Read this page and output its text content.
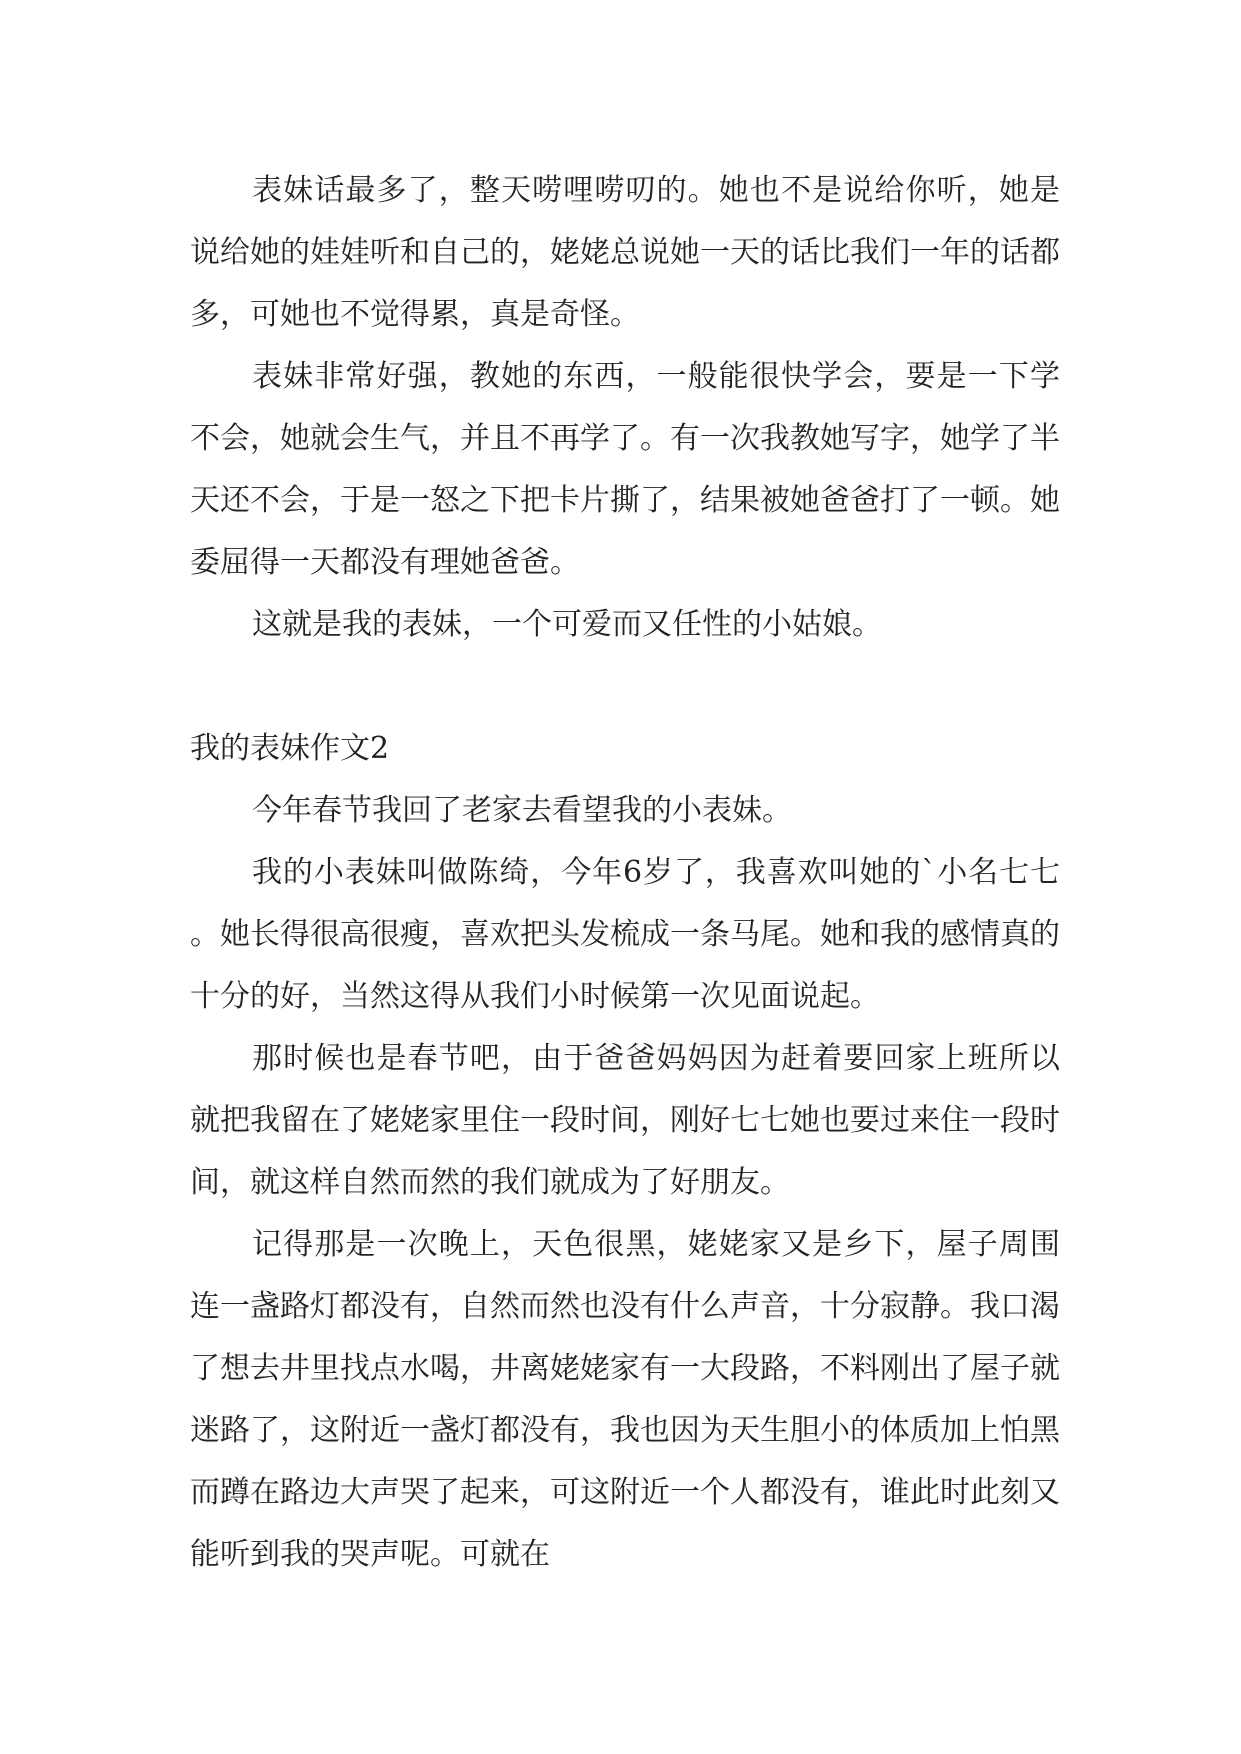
表妹话最多了，整天唠哩唠叨的。她也不是说给你听，她是说给她的娃娃听和自己的，姥姥总说她一天的话比我们一年的话都多，可她也不觉得累，真是奇怪。

表妹非常好强，教她的东西，一般能很快学会，要是一下学不会，她就会生气，并且不再学了。有一次我教她写字，她学了半天还不会，于是一怒之下把卡片撕了，结果被她爸爸打了一顿。她委屈得一天都没有理她爸爸。

这就是我的表妹，一个可爱而又任性的小姑娘。

我的表妹作文2

今年春节我回了老家去看望我的小表妹。

我的小表妹叫做陈绮，今年6岁了，我喜欢叫她的`小名七七。她长得很高很瘦，喜欢把头发梳成一条马尾。她和我的感情真的十分的好，当然这得从我们小时候第一次见面说起。

那时候也是春节吧，由于爸爸妈妈因为赶着要回家上班所以就把我留在了姥姥家里住一段时间，刚好七七她也要过来住一段时间，就这样自然而然的我们就成为了好朋友。

记得那是一次晚上，天色很黑，姥姥家又是乡下，屋子周围连一盏路灯都没有，自然而然也没有什么声音，十分寂静。我口渴了想去井里找点水喝，井离姥姥家有一大段路，不料刚出了屋子就迷路了，这附近一盏灯都没有，我也因为天生胆小的体质加上怕黑而蹲在路边大声哭了起来，可这附近一个人都没有，谁此时此刻又能听到我的哭声呢。可就在
